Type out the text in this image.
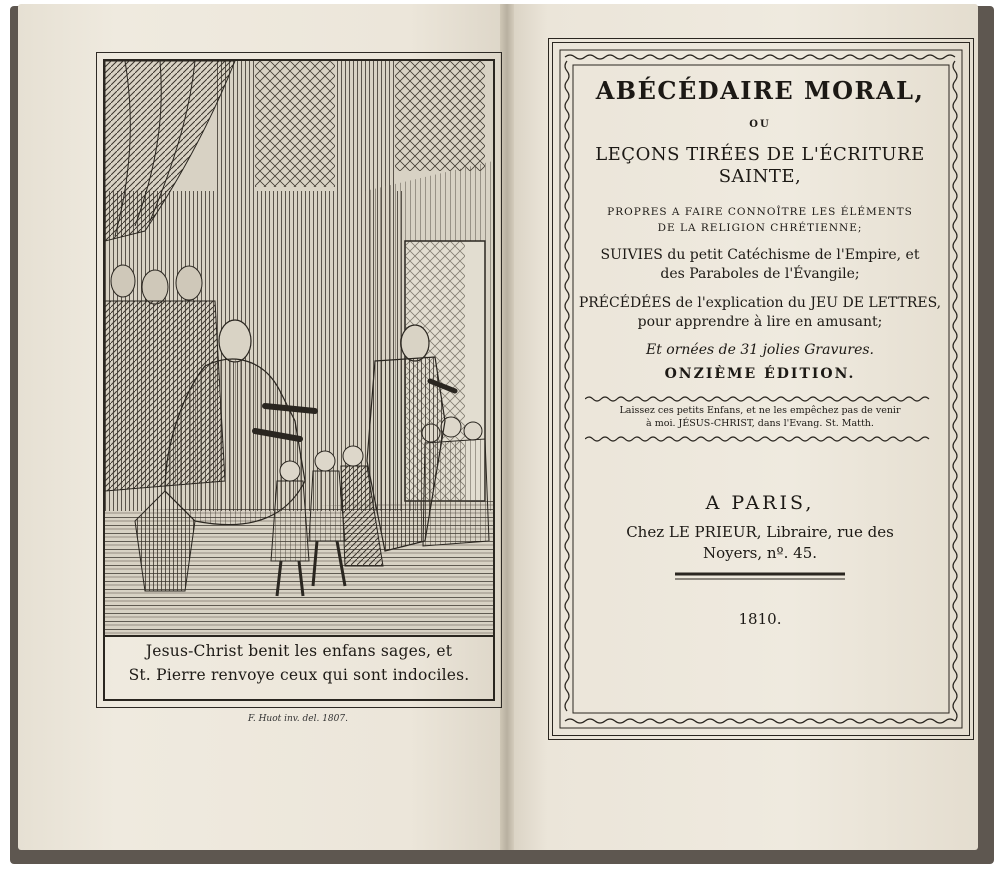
Jesus-Christ benit les enfans sages, et
St. Pierre renvoye ceux qui sont indociles.
F. Huot inv. del. 1807.
ABÉCÉDAIRE MORAL,
OU
LEÇONS TIRÉES DE L'ÉCRITURE
SAINTE,
PROPRES A FAIRE CONNOÎTRE LES ÉLÉMENTS
DE LA RELIGION CHRÉTIENNE;
SUIVIES du petit Catéchisme de l'Empire, et
des Paraboles de l'Évangile;
PRÉCÉDÉES de l'explication du JEU DE LETTRES,
pour apprendre à lire en amusant;
Et ornées de 31 jolies Gravures.
ONZIÈME ÉDITION.
Laissez ces petits Enfans, et ne les empêchez pas de venir
à moi. JÉSUS-CHRIST, dans l'Evang. St. Matth.
A PARIS,
Chez LE PRIEUR, Libraire, rue des
Noyers, nº. 45.
1810.
